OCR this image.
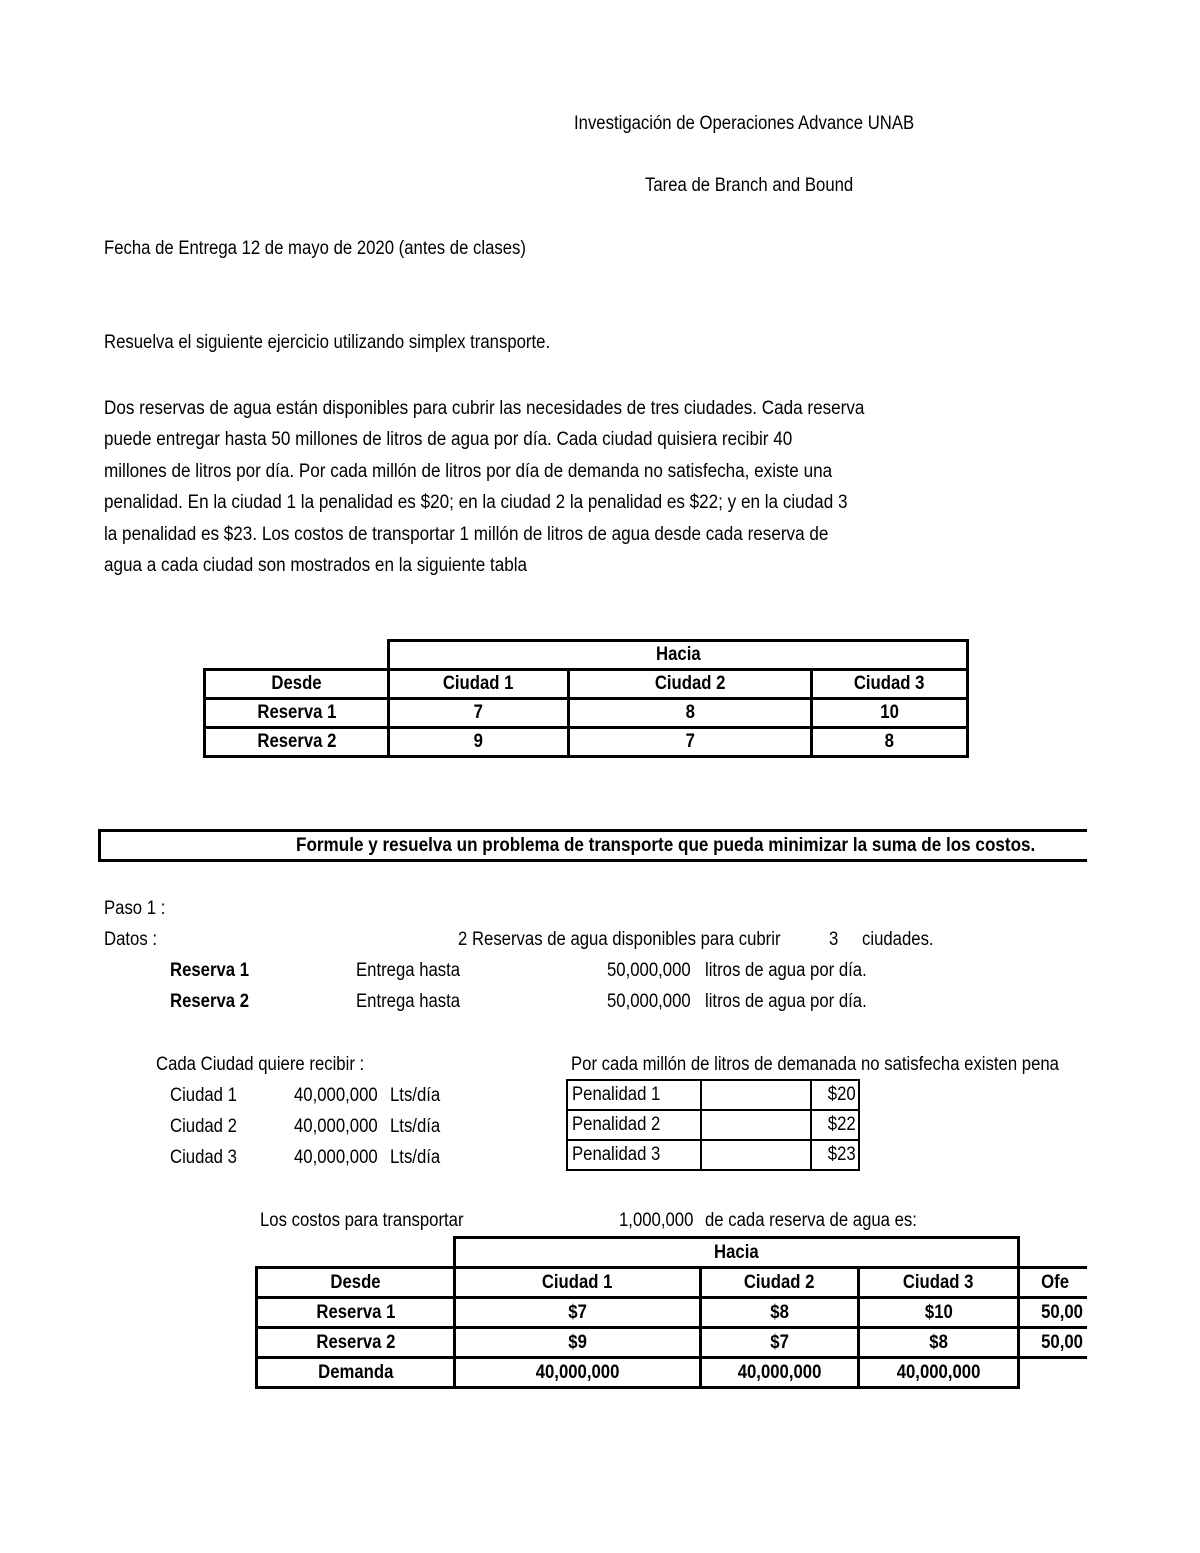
Investigación de Operaciones Advance UNAB
Tarea de Branch and Bound
Fecha de Entrega 12 de mayo de 2020 (antes de clases)
Resuelva el siguiente ejercicio utilizando simplex transporte.
Dos reservas de agua están disponibles para cubrir las necesidades de tres ciudades. Cada reserva
puede entregar hasta 50 millones de litros de agua por día. Cada ciudad quisiera recibir 40
millones de litros por día. Por cada millón de litros por día de demanda no satisfecha, existe una
penalidad. En la ciudad 1 la penalidad es $20; en la ciudad 2 la penalidad es $22; y en la ciudad 3
la penalidad es $23. Los costos de transportar 1 millón de litros de agua desde cada reserva de
agua a cada ciudad son mostrados en la siguiente tabla
	Hacia		
Desde	Ciudad 1	Ciudad 2	Ciudad 3
Reserva 1	7	8	10
Reserva 2	9	7	8
Formule y resuelva un problema de transporte que pueda minimizar la suma de los costos.
Paso 1 :
Datos :	2 Reservas de agua disponibles para cubrir	3 ciudades.
Reserva 1	Entrega hasta	50,000,000 litros de agua por día.
Reserva 2	Entrega hasta	50,000,000 litros de agua por día.
Cada Ciudad quiere recibir :
Ciudad 1	40,000,000 Lts/día
Ciudad 2	40,000,000 Lts/día
Ciudad 3	40,000,000 Lts/día
Por cada millón de litros de demanada no satisfecha existen pena
Penalidad 1		$20
Penalidad 2		$22
Penalidad 3		$23
Los costos para transportar	1,000,000 de cada reserva de agua es:
	Hacia			
Desde	Ciudad 1	Ciudad 2	Ciudad 3	Ofe
Reserva 1	$7	$8	$10	50,00
Reserva 2	$9	$7	$8	50,00
Demanda	40,000,000	40,000,000	40,000,000	
